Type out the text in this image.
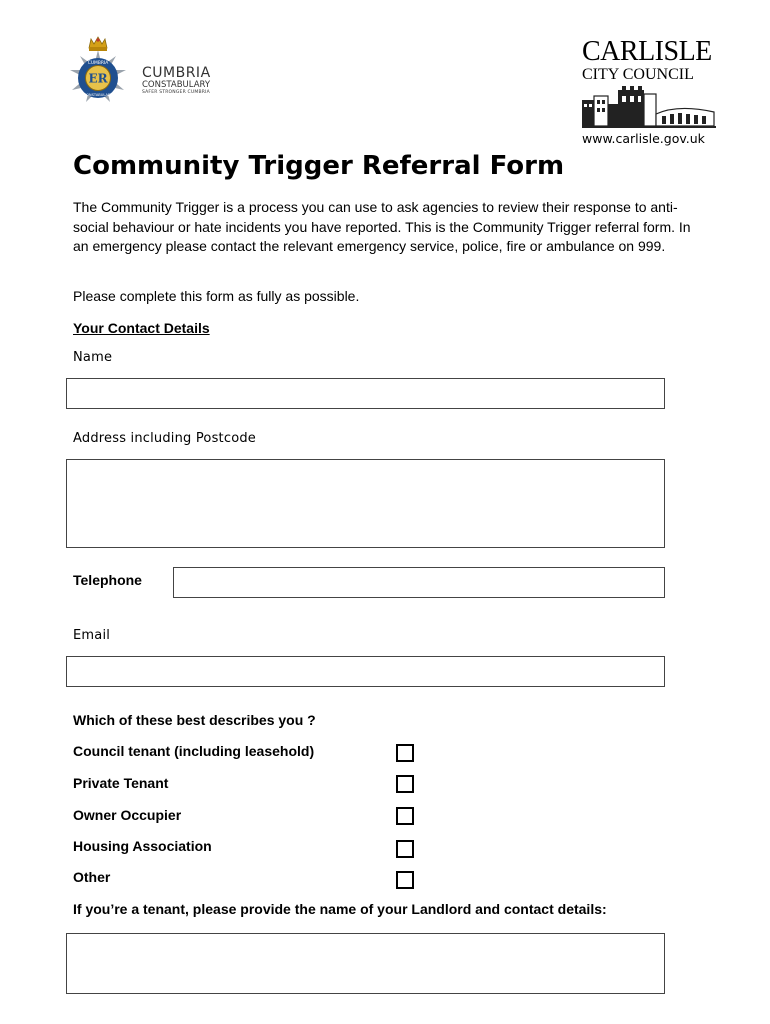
ER
CUMBRIA
CONSTABULARY
CUMBRIA
CONSTABULARY
SAFER STRONGER CUMBRIA
CARLISLE
CITY COUNCIL
www.carlisle.gov.uk
Community Trigger Referral Form

The Community Trigger is a process you can use to ask agencies to review their response to anti-social behaviour or hate incidents you have reported. This is the Community Trigger referral form. In an emergency please contact the relevant emergency service, police, fire or ambulance on 999.

Please complete this form as fully as possible.

Your Contact Details
Name
Address including Postcode
Telephone
Email
Which of these best describes you ?
Council tenant (including leasehold)
Private Tenant
Owner Occupier
Housing Association
Other
If you’re a tenant, please provide the name of your Landlord and contact details:
